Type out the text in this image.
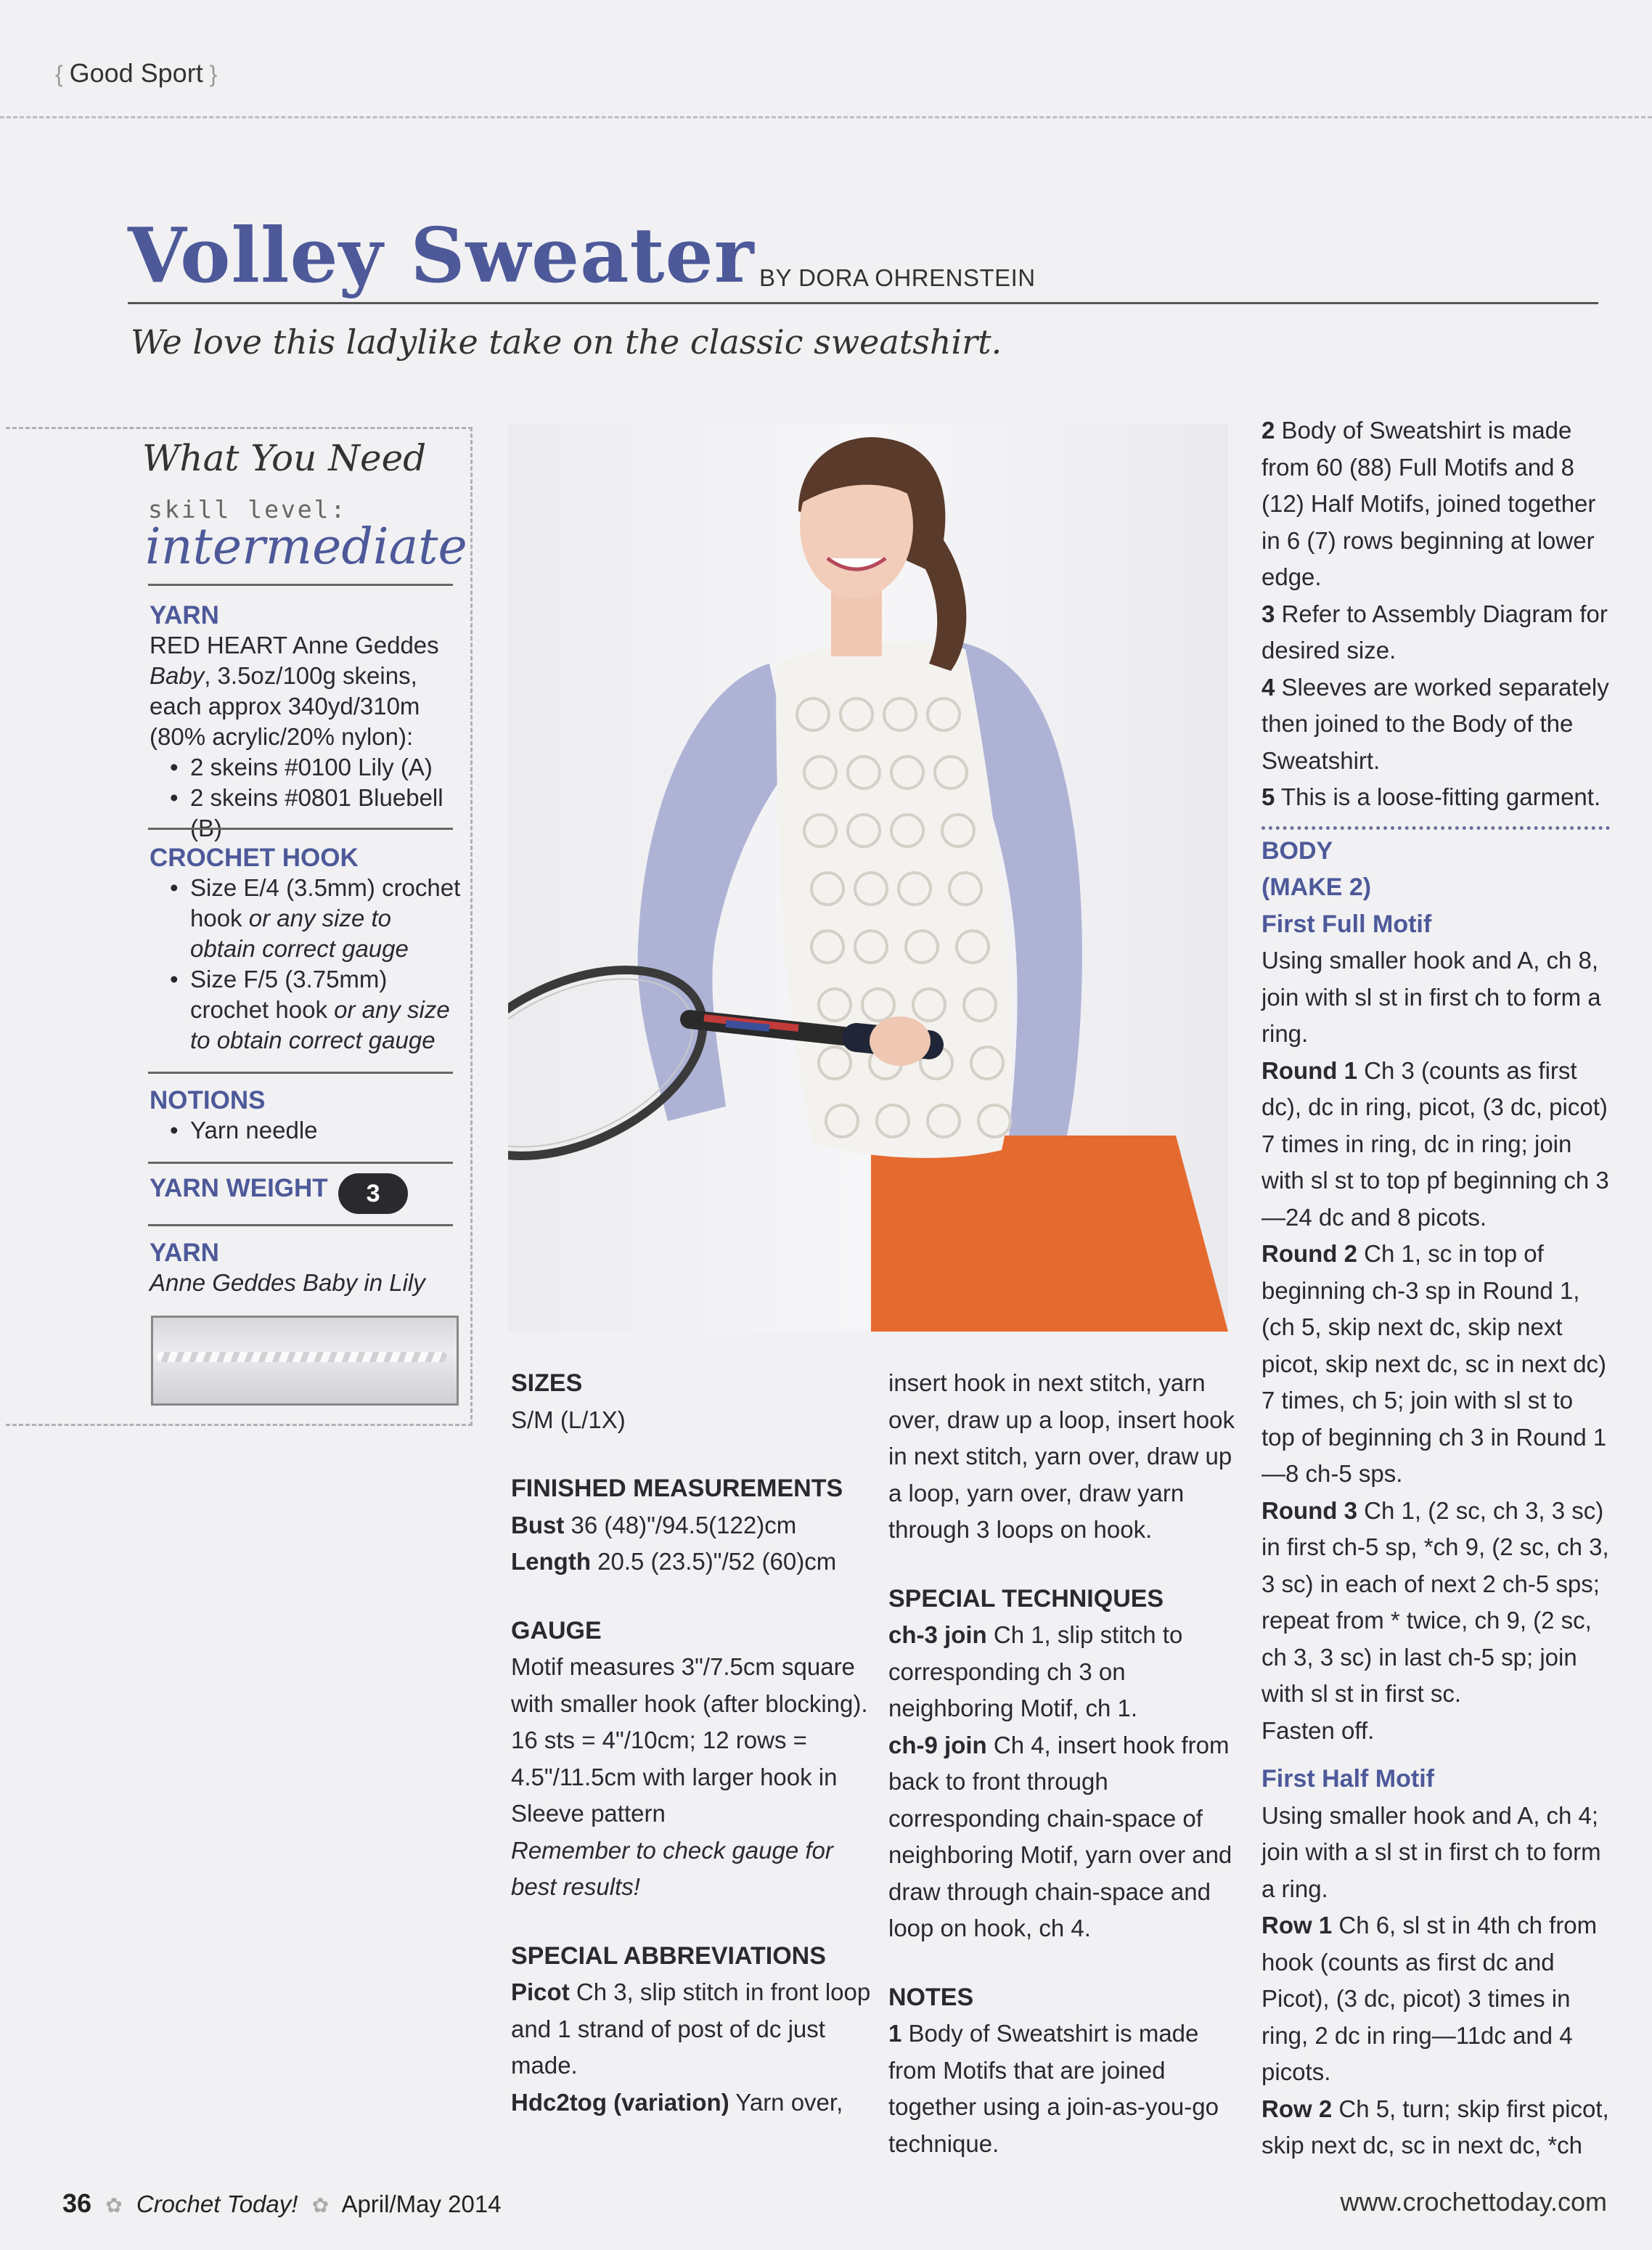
{ Good Sport }
Volley Sweater BY DORA OHRENSTEIN
We love this ladylike take on the classic sweatshirt.
What You Need
skill level:
intermediate
YARN
RED HEART Anne Geddes Baby, 3.5oz/100g skeins, each approx 340yd/310m (80% acrylic/20% nylon):
• 2 skeins #0100 Lily (A)
• 2 skeins #0801 Bluebell (B)
CROCHET HOOK
• Size E/4 (3.5mm) crochet hook or any size to obtain correct gauge
• Size F/5 (3.75mm) crochet hook or any size to obtain correct gauge
NOTIONS
• Yarn needle
YARN WEIGHT 3
YARN
Anne Geddes Baby in Lily

SIZES

S/M (L/1X)

FINISHED MEASUREMENTS

Bust 36 (48)"/94.5(122)cm

Length 20.5 (23.5)"/52 (60)cm

GAUGE

Motif measures 3"/7.5cm square with smaller hook (after blocking). 16 sts = 4"/10cm; 12 rows = 4.5"/11.5cm with larger hook in Sleeve pattern

Remember to check gauge for best results!

SPECIAL ABBREVIATIONS

Picot Ch 3, slip stitch in front loop and 1 strand of post of dc just made.

Hdc2tog (variation) Yarn over,

insert hook in next stitch, yarn over, draw up a loop, insert hook in next stitch, yarn over, draw up a loop, yarn over, draw yarn through 3 loops on hook.

SPECIAL TECHNIQUES

ch-3 join Ch 1, slip stitch to corresponding ch 3 on neighboring Motif, ch 1.

ch-9 join Ch 4, insert hook from back to front through corresponding chain-space of neighboring Motif, yarn over and draw through chain-space and loop on hook, ch 4.

NOTES

1 Body of Sweatshirt is made from Motifs that are joined together using a join-as-you-go technique.

2 Body of Sweatshirt is made from 60 (88) Full Motifs and 8 (12) Half Motifs, joined together in 6 (7) rows beginning at lower edge.

3 Refer to Assembly Diagram for desired size.

4 Sleeves are worked separately then joined to the Body of the Sweatshirt.

5 This is a loose-fitting garment.

BODY

(MAKE 2)

First Full Motif

Using smaller hook and A, ch 8, join with sl st in first ch to form a ring.

Round 1 Ch 3 (counts as first dc), dc in ring, picot, (3 dc, picot) 7 times in ring, dc in ring; join with sl st to top pf beginning ch 3—24 dc and 8 picots.

Round 2 Ch 1, sc in top of beginning ch-3 sp in Round 1, (ch 5, skip next dc, skip next picot, skip next dc, sc in next dc) 7 times, ch 5; join with sl st to top of beginning ch 3 in Round 1—8 ch-5 sps.

Round 3 Ch 1, (2 sc, ch 3, 3 sc) in first ch-5 sp, *ch 9, (2 sc, ch 3, 3 sc) in each of next 2 ch-5 sps; repeat from * twice, ch 9, (2 sc, ch 3, 3 sc) in last ch-5 sp; join with sl st in first sc.

Fasten off.

First Half Motif

Using smaller hook and A, ch 4; join with a sl st in first ch to form a ring.

Row 1 Ch 6, sl st in 4th ch from hook (counts as first dc and Picot), (3 dc, picot) 3 times in ring, 2 dc in ring—11dc and 4 picots.

Row 2 Ch 5, turn; skip first picot, skip next dc, sc in next dc, *ch

36 ✿ Crochet Today! ✿ April/May 2014	www.crochettoday.com
